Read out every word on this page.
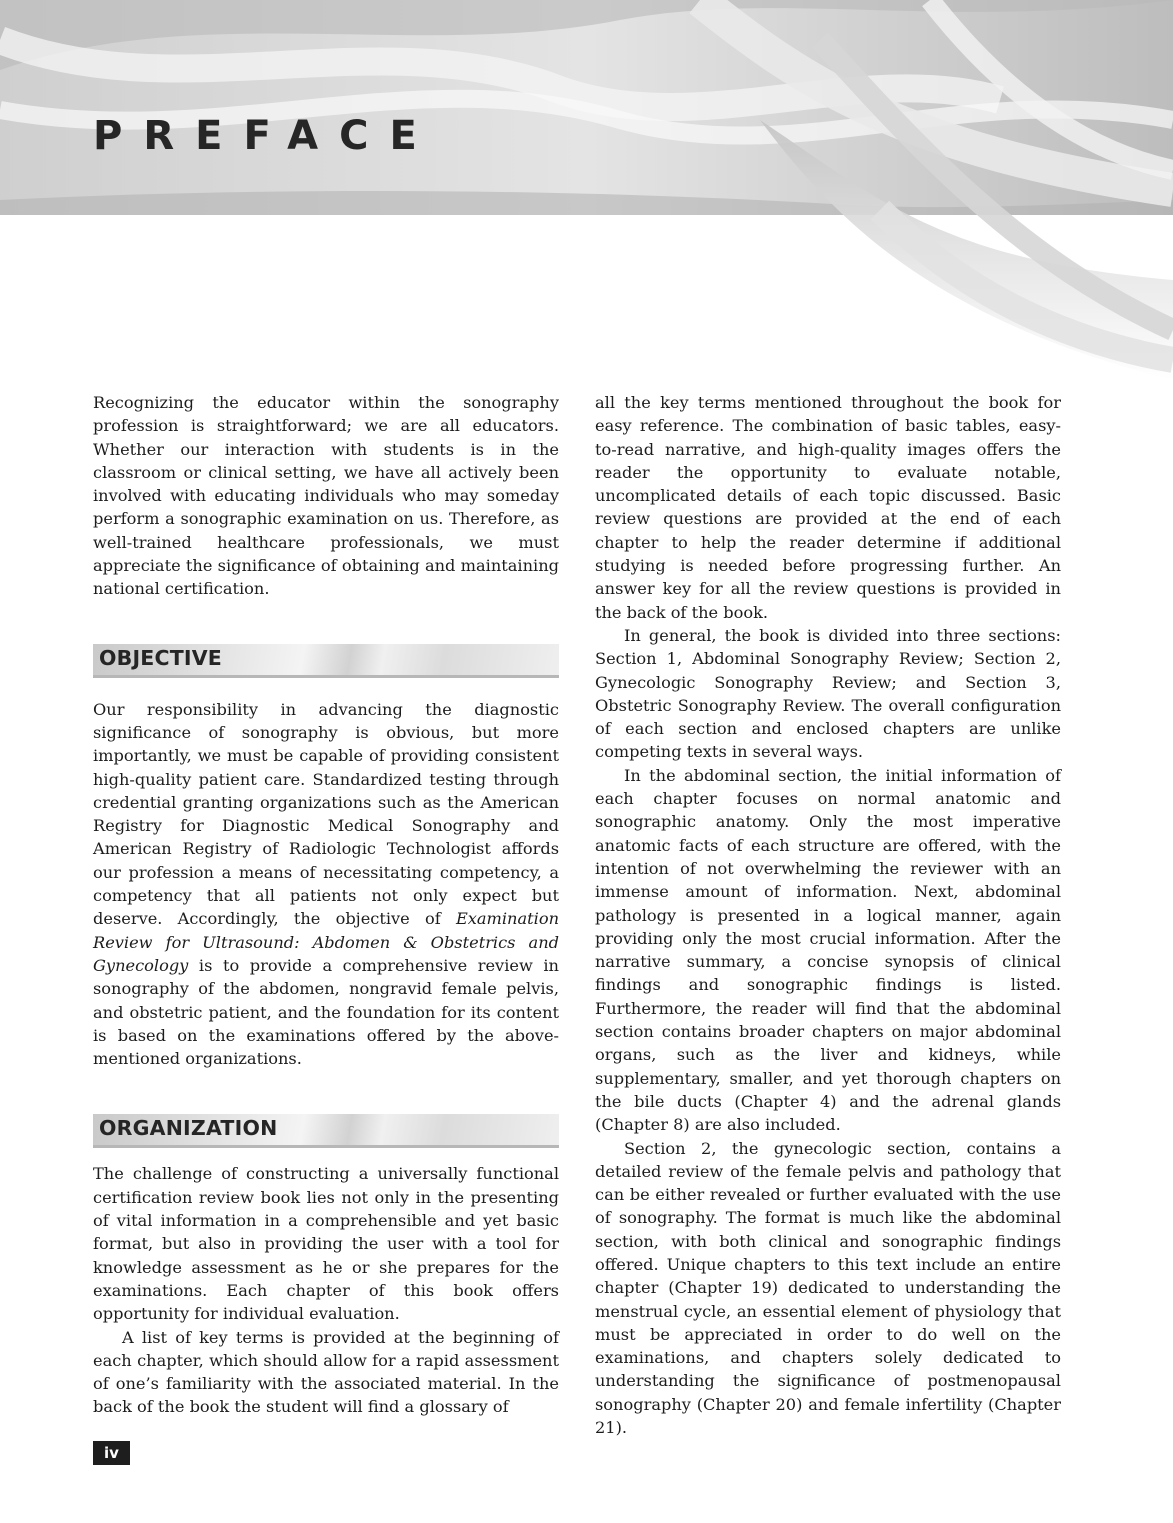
PREFACE

Recognizing the educator within the sonography profession is straightforward; we are all educators. Whether our interaction with students is in the classroom or clinical setting, we have all actively been involved with educating individuals who may someday perform a sonographic examination on us. Therefore, as well-trained healthcare professionals, we must appreciate the significance of obtaining and maintaining national certification.

OBJECTIVE

Our responsibility in advancing the diagnostic significance of sonography is obvious, but more importantly, we must be capable of providing consistent high-quality patient care. Standardized testing through credential granting organizations such as the American Registry for Diagnostic Medical Sonography and American Registry of Radiologic Technologist affords our profession a means of necessitating competency, a competency that all patients not only expect but deserve. Accordingly, the objective of Examination Review for Ultrasound: Abdomen & Obstetrics and Gynecology is to provide a comprehensive review in sonography of the abdomen, nongravid female pelvis, and obstetric patient, and the foundation for its content is based on the examinations offered by the above-mentioned organizations.

ORGANIZATION

The challenge of constructing a universally functional certification review book lies not only in the presenting of vital information in a comprehensible and yet basic format, but also in providing the user with a tool for knowledge assessment as he or she prepares for the examinations. Each chapter of this book offers opportunity for individual evaluation.

A list of key terms is provided at the beginning of each chapter, which should allow for a rapid assessment of one’s familiarity with the associated material. In the back of the book the student will find a glossary of

all the key terms mentioned throughout the book for easy reference. The combination of basic tables, easy-to-read narrative, and high-quality images offers the reader the opportunity to evaluate notable, uncomplicated details of each topic discussed. Basic review questions are provided at the end of each chapter to help the reader determine if additional studying is needed before progressing further. An answer key for all the review questions is provided in the back of the book.

In general, the book is divided into three sections: Section 1, Abdominal Sonography Review; Section 2, Gynecologic Sonography Review; and Section 3, Obstetric Sonography Review. The overall configuration of each section and enclosed chapters are unlike competing texts in several ways.

In the abdominal section, the initial information of each chapter focuses on normal anatomic and sonographic anatomy. Only the most imperative anatomic facts of each structure are offered, with the intention of not overwhelming the reviewer with an immense amount of information. Next, abdominal pathology is presented in a logical manner, again providing only the most crucial information. After the narrative summary, a concise synopsis of clinical findings and sonographic findings is listed. Furthermore, the reader will find that the abdominal section contains broader chapters on major abdominal organs, such as the liver and kidneys, while supplementary, smaller, and yet thorough chapters on the bile ducts (Chapter 4) and the adrenal glands (Chapter 8) are also included.

Section 2, the gynecologic section, contains a detailed review of the female pelvis and pathology that can be either revealed or further evaluated with the use of sonography. The format is much like the abdominal section, with both clinical and sonographic findings offered. Unique chapters to this text include an entire chapter (Chapter 19) dedicated to understanding the menstrual cycle, an essential element of physiology that must be appreciated in order to do well on the examinations, and chapters solely dedicated to understanding the significance of postmenopausal sonography (Chapter 20) and female infertility (Chapter 21).

iv
